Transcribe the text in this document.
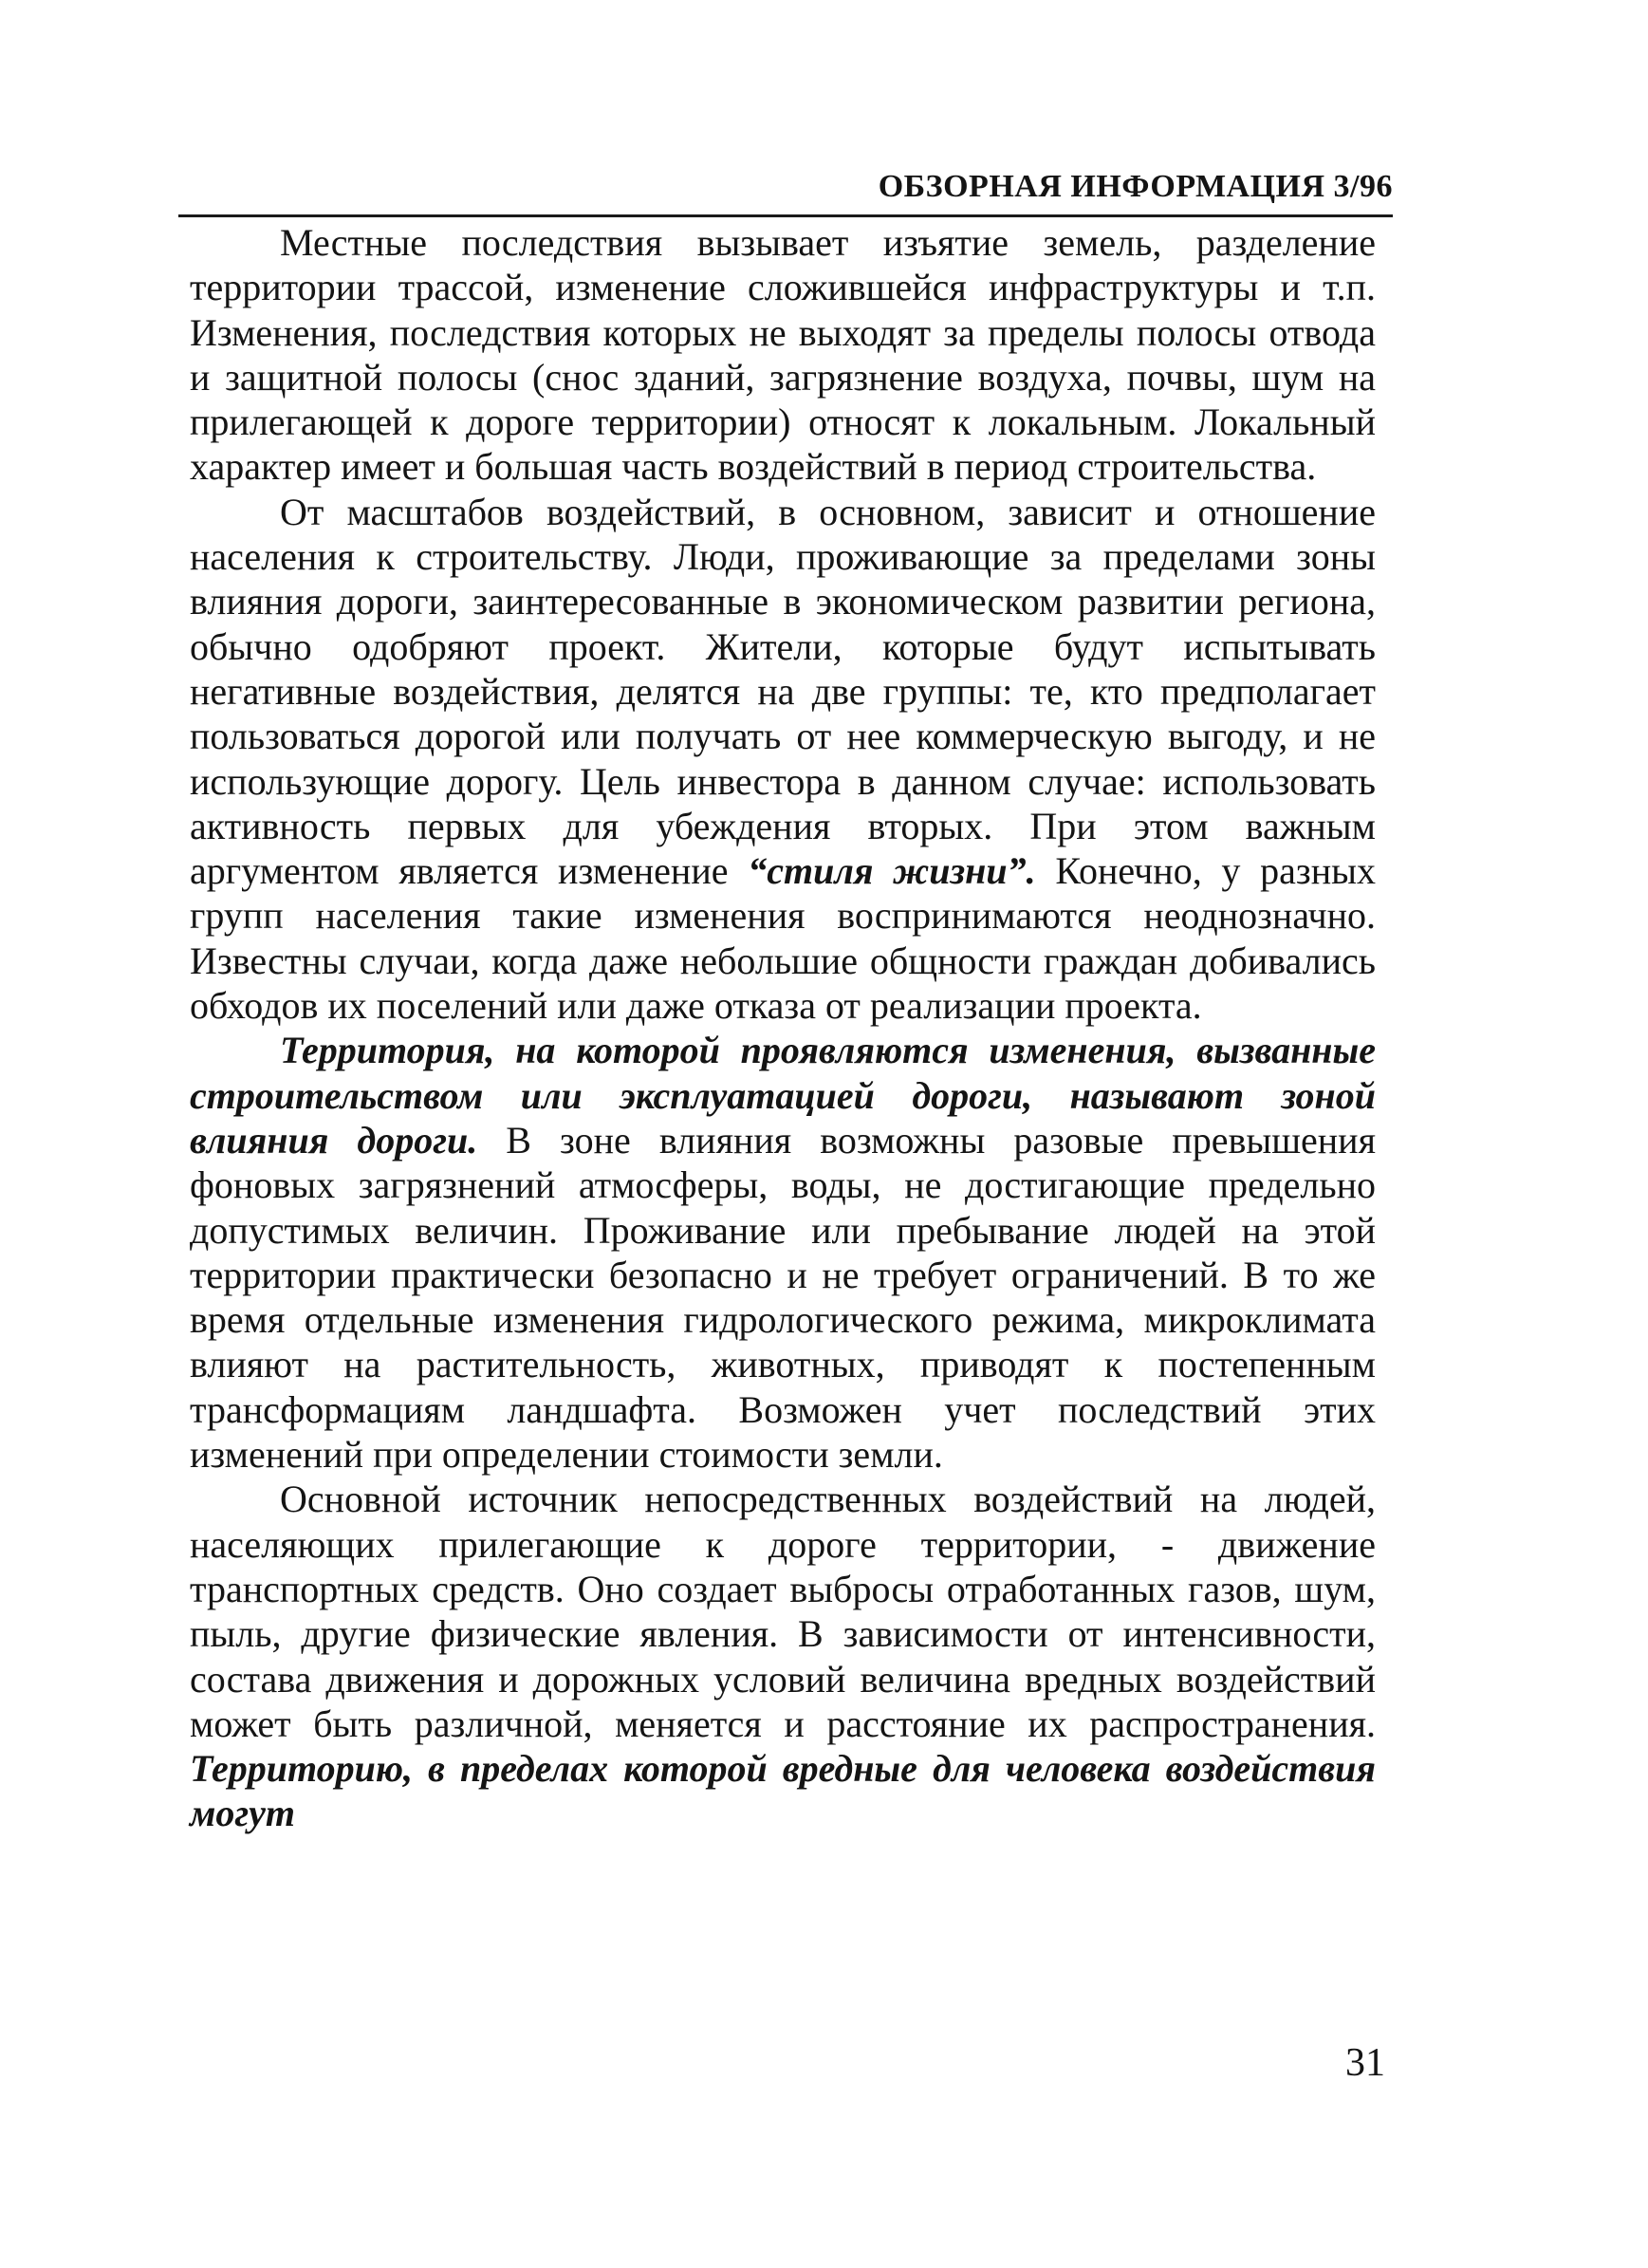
ОБЗОРНАЯ ИНФОРМАЦИЯ 3/96

Местные последствия вызывает изъятие земель, разделение территории трассой, изменение сложившейся инфраструктуры и т.п. Изменения, последствия которых не выходят за пределы полосы отвода и защитной полосы (снос зданий, загрязнение воздуха, почвы, шум на прилегающей к дороге территории) относят к локальным. Локальный характер имеет и большая часть воздействий в период строительства.

От масштабов воздействий, в основном, зависит и отношение населения к строительству. Люди, проживающие за пределами зоны влияния дороги, заинтересованные в экономическом развитии региона, обычно одобряют проект. Жители, которые будут испытывать негативные воздействия, делятся на две группы: те, кто предполагает пользоваться дорогой или получать от нее коммерческую выгоду, и не использующие дорогу. Цель инвестора в данном случае: использовать активность первых для убеждения вторых. При этом важным аргументом является изменение “стиля жизни”. Конечно, у разных групп населения такие изменения воспринимаются неоднозначно. Известны случаи, когда даже небольшие общности граждан добивались обходов их поселений или даже отказа от реализации проекта.

Территория, на которой проявляются изменения, вызванные строительством или эксплуатацией дороги, называют зоной влияния дороги. В зоне влияния возможны разовые превышения фоновых загрязнений атмосферы, воды, не достигающие предельно допустимых величин. Проживание или пребывание людей на этой территории практически безопасно и не требует ограничений. В то же время отдельные изменения гидрологического режима, микроклимата влияют на растительность, животных, приводят к постепенным трансформациям ландшафта. Возможен учет последствий этих изменений при определении стоимости земли.

Основной источник непосредственных воздействий на людей, населяющих прилегающие к дороге территории, - движение транспортных средств. Оно создает выбросы отработанных газов, шум, пыль, другие физические явления. В зависимости от интенсивности, состава движения и дорожных условий величина вредных воздействий может быть различной, меняется и расстояние их распространения. Территорию, в пределах которой вредные для человека воздействия могут

31
